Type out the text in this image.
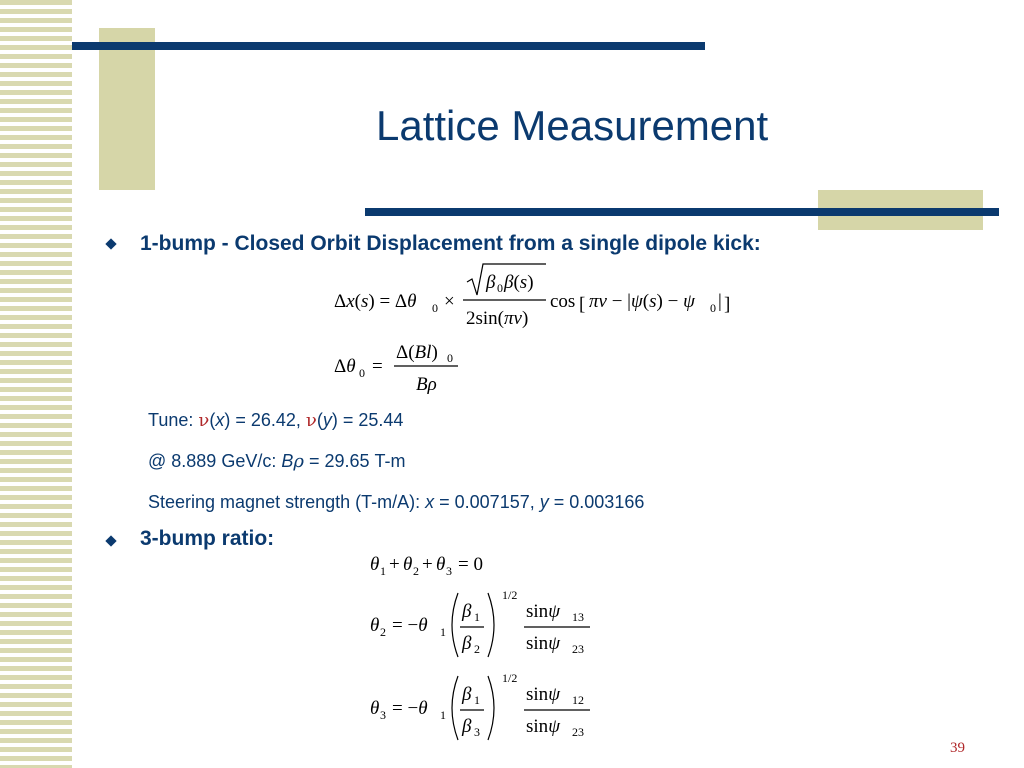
Lattice Measurement
1-bump - Closed Orbit Displacement from a single dipole kick:
Δx(s) = Δθ 0 ×
β 0 β(s)
2sin(πν)
cos [ πν − |ψ(s) − ψ 0 | ]
Δθ 0 =
Δ(Bl) 0
Bρ
Tune: ν(x) = 26.42, ν(y) = 25.44
@ 8.889 GeV/c: Bρ = 29.65 T-m
Steering magnet strength (T-m/A): x = 0.007157, y = 0.003166
3-bump ratio:
θ 1 + θ 2 + θ 3 = 0
θ 2 = −θ 1
β 1
β 2
1/2
sinψ 13
sinψ 23
θ 3 = −θ 1
β 1
β 3
1/2
sinψ 12
sinψ 23
39
